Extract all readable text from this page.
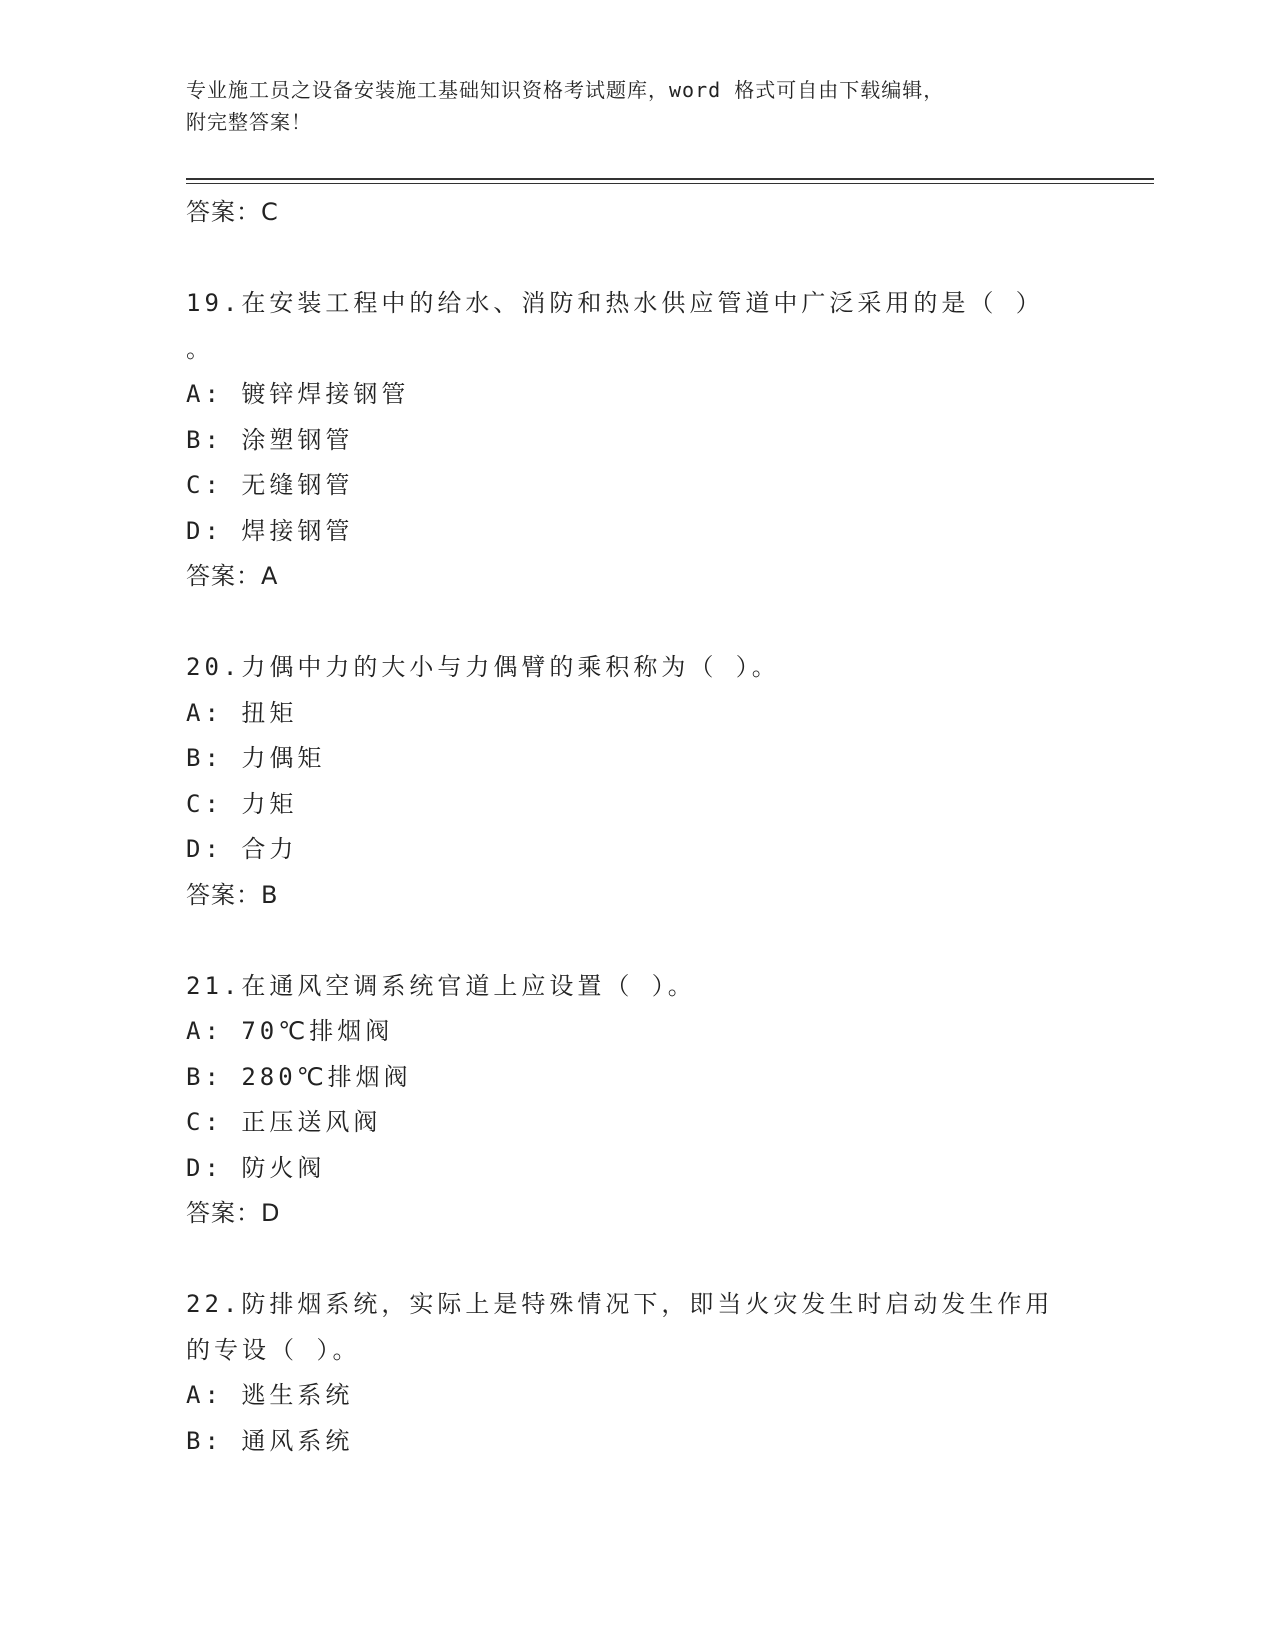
专业施工员之设备安装施工基础知识资格考试题库，word 格式可自由下载编辑，
附完整答案！
答案：C
19.在安装工程中的给水、消防和热水供应管道中广泛采用的是（ ）
。
A: 镀锌焊接钢管
B: 涂塑钢管
C: 无缝钢管
D: 焊接钢管
答案：A
20.力偶中力的大小与力偶臂的乘积称为（ ）。
A: 扭矩
B: 力偶矩
C: 力矩
D: 合力
答案：B
21.在通风空调系统官道上应设置（ ）。
A: 70℃排烟阀
B: 280℃排烟阀
C: 正压送风阀
D: 防火阀
答案：D
22.防排烟系统，实际上是特殊情况下，即当火灾发生时启动发生作用
的专设（ ）。
A: 逃生系统
B: 通风系统
